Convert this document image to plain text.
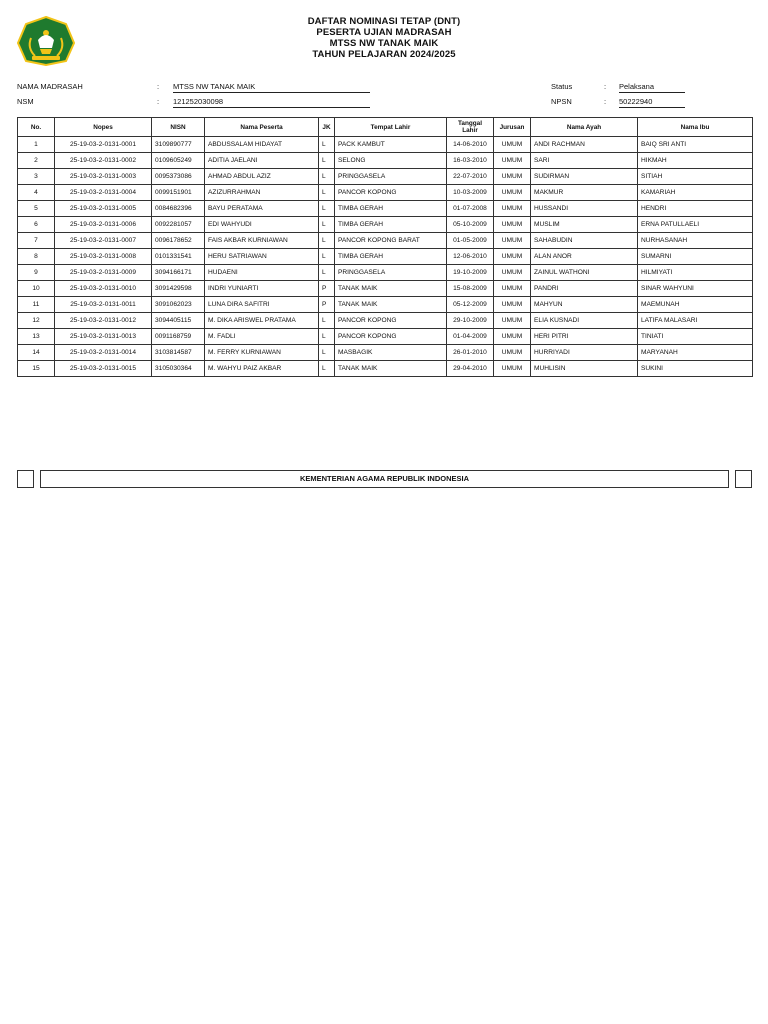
DAFTAR NOMINASI TETAP (DNT)
PESERTA UJIAN MADRASAH
MTSS NW TANAK MAIK
TAHUN PELAJARAN 2024/2025
NAMA MADRASAH	: MTSS NW TANAK MAIK
NSM	: 121252030098
Status	: Pelaksana
NPSN	: 50222940
No.	Nopes	NISN	Nama Peserta	JK	Tempat Lahir	Tanggal Lahir	Jurusan	Nama Ayah	Nama Ibu
1	25-19-03-2-0131-0001	3109890777	ABDUSSALAM HIDAYAT	L	PACK KAMBUT	14-06-2010	UMUM	ANDI RACHMAN	BAIQ SRI ANTI
2	25-19-03-2-0131-0002	0109605249	ADITIA JAELANI	L	SELONG	16-03-2010	UMUM	SARI	HIKMAH
3	25-19-03-2-0131-0003	0095373086	AHMAD ABDUL AZIZ	L	PRINGGASELA	22-07-2010	UMUM	SUDIRMAN	SITIAH
4	25-19-03-2-0131-0004	0099151901	AZIZURRAHMAN	L	PANCOR KOPONG	10-03-2009	UMUM	MAKMUR	KAMARIAH
5	25-19-03-2-0131-0005	0084682396	BAYU PERATAMA	L	TIMBA GERAH	01-07-2008	UMUM	HUSSANDI	HENDRI
6	25-19-03-2-0131-0006	0092281057	EDI WAHYUDI	L	TIMBA GERAH	05-10-2009	UMUM	MUSLIM	ERNA PATULLAELI
7	25-19-03-2-0131-0007	0096178652	FAIS AKBAR KURNIAWAN	L	PANCOR KOPONG BARAT	01-05-2009	UMUM	SAHABUDIN	NURHASANAH
8	25-19-03-2-0131-0008	0101331541	HERU SATRIAWAN	L	TIMBA GERAH	12-06-2010	UMUM	ALAN ANOR	SUMARNI
9	25-19-03-2-0131-0009	3094166171	HUDAENI	L	PRINGGASELA	19-10-2009	UMUM	ZAINUL WATHONI	HILMIYATI
10	25-19-03-2-0131-0010	3091429598	INDRI YUNIARTI	P	TANAK MAIK	15-08-2009	UMUM	PANDRI	SINAR WAHYUNI
11	25-19-03-2-0131-0011	3091062023	LUNA DIRA SAFITRI	P	TANAK MAIK	05-12-2009	UMUM	MAHYUN	MAEMUNAH
12	25-19-03-2-0131-0012	3094405115	M. DIKA ARISWEL PRATAMA	L	PANCOR KOPONG	29-10-2009	UMUM	ELIA KUSNADI	LATIFA MALASARI
13	25-19-03-2-0131-0013	0091168759	M. FADLI	L	PANCOR KOPONG	01-04-2009	UMUM	HERI PITRI	TINIATI
14	25-19-03-2-0131-0014	3103814587	M. FERRY KURNIAWAN	L	MASBAGIK	26-01-2010	UMUM	HURRIYADI	MARYANAH
15	25-19-03-2-0131-0015	3105030364	M. WAHYU PAIZ AKBAR	L	TANAK MAIK	29-04-2010	UMUM	MUHLISIN	SUKINI
KEMENTERIAN AGAMA REPUBLIK INDONESIA
